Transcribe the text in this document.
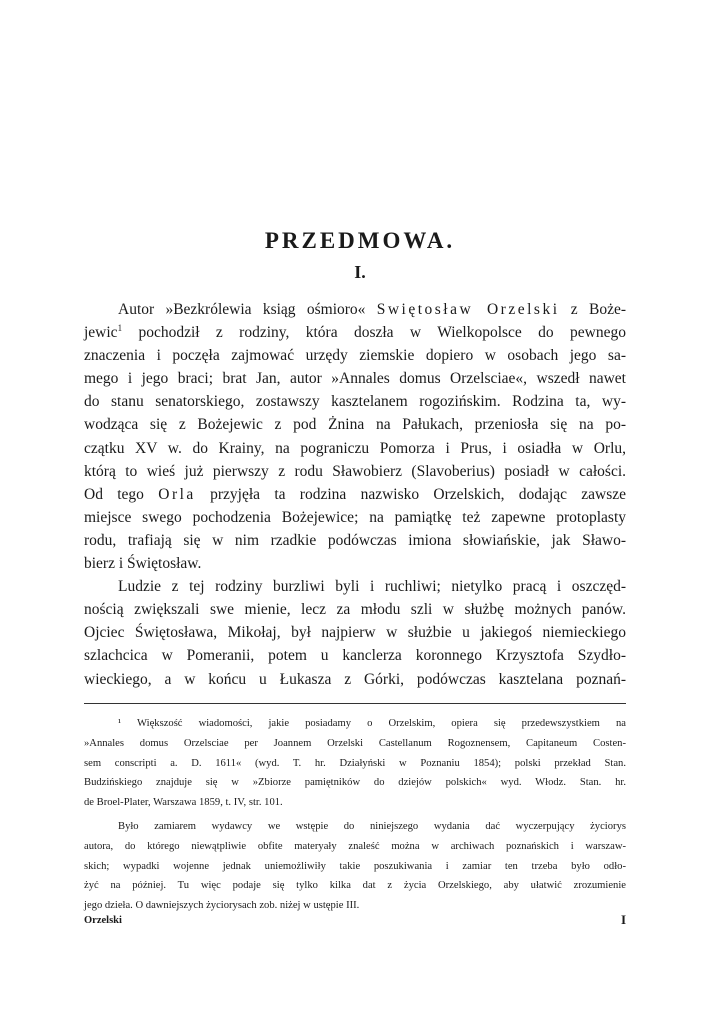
PRZEDMOWA.
I.
Autor »Bezkrólewia ksiąg ośmioro« Swiętosław Orzelski z Boże-
jewic$^1$ pochodził z rodziny, która doszła w Wielkopolsce do pewnego
znaczenia i poczęła zajmować urzędy ziemskie dopiero w osobach jego sa-
mego i jego braci; brat Jan, autor »Annales domus Orzelsciae«, wszedł nawet
do stanu senatorskiego, zostawszy kasztelanem rogozińskim. Rodzina ta, wy-
wodząca się z Bożejewic z pod Żnina na Pałukach, przeniosła się na po-
czątku XV w. do Krainy, na pograniczu Pomorza i Prus, i osiadła w Orlu,
którą to wieś już pierwszy z rodu Sławobierz (Slavoberius) posiadł w całości.
Od tego Orla przyjęła ta rodzina nazwisko Orzelskich, dodając zawsze
miejsce swego pochodzenia Bożejewice; na pamiątkę też zapewne protoplasty
rodu, trafiają się w nim rzadkie podówczas imiona słowiańskie, jak Sławo-
bierz i Świętosław.
Ludzie z tej rodziny burzliwi byli i ruchliwi; nietylko pracą i oszczęd-
nością zwiększali swe mienie, lecz za młodu szli w służbę możnych panów.
Ojciec Świętosława, Mikołaj, był najpierw w służbie u jakiegoś niemieckiego
szlachcica w Pomeranii, potem u kanclerza koronnego Krzysztofa Szydło-
wieckiego, a w końcu u Łukasza z Górki, podówczas kasztelana poznań-
¹ Większość wiadomości, jakie posiadamy o Orzelskim, opiera się przedewszystkiem na
»Annales domus Orzelsciae per Joannem Orzelski Castellanum Rogoznensem, Capitaneum Costen-
sem conscripti a. D. 1611« (wyd. T. hr. Działyński w Poznaniu 1854); polski przekład Stan.
Budzińskiego znajduje się w »Zbiorze pamiętników do dziejów polskich« wyd. Włodz. Stan. hr.
de Broel-Plater, Warszawa 1859, t. IV, str. 101.
Było zamiarem wydawcy we wstępie do niniejszego wydania dać wyczerpujący życiorys
autora, do którego niewątpliwie obfite materyały znaleść można w archiwach poznańskich i warszaw-
skich; wypadki wojenne jednak uniemożliwiły takie poszukiwania i zamiar ten trzeba było odło-
żyć na później. Tu więc podaje się tylko kilka dat z życia Orzelskiego, aby ułatwić zrozumienie
jego dzieła. O dawniejszych życiorysach zob. niżej w ustępie III.
Orzelski	I
